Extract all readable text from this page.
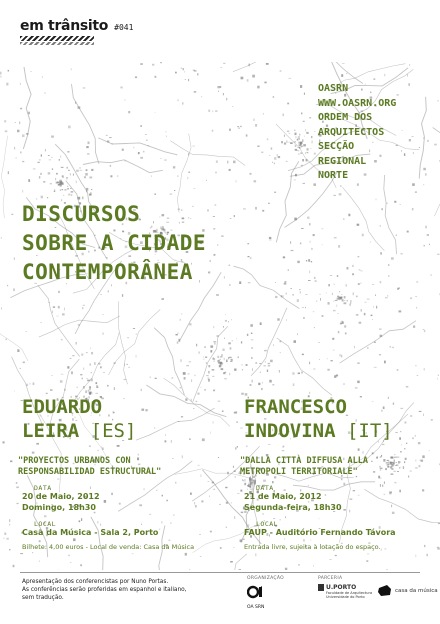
em trânsito #041
OASRN
WWW.OASRN.ORG
ORDEM DOS
ARQUITECTOS
SECÇÃO
REGIONAL
NORTE
DISCURSOS
SOBRE A CIDADE
CONTEMPORÂNEA
EDUARDO
LEIRA [ES]
"PROYECTOS URBANOS CON
RESPONSABILIDAD ESTRUCTURAL"
DATA
20 de Maio, 2012
Domingo, 18h30
LOCAL
Casa da Música - Sala 2, Porto
Bilhete: 4,00 euros - Local de venda: Casa da Música
FRANCESCO
INDOVINA [IT]
"DALLA CITTÀ DIFFUSA ALLA
METROPOLI TERRITORIALE"
DATA
21 de Maio, 2012
Segunda-feira, 18h30
LOCAL
FAUP - Auditório Fernando Távora
Entrada livre, sujeita à lotação do espaço.
Apresentação dos conferencistas por Nuno Portas.
As conferências serão proferidas em espanhol e italiano,
sem tradução.
ORGANIZAÇÃO	PARCERIA
OA SRN
U.PORTO
Faculdade de Arquitectura Universidade do Porto
casa da música
